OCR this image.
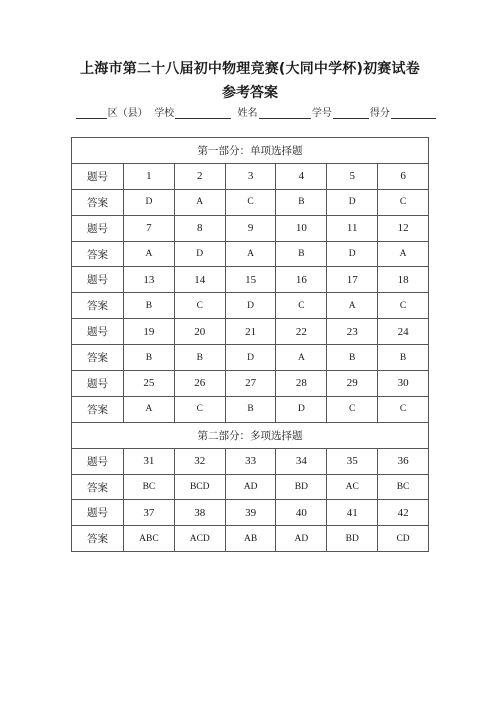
上海市第二十八届初中物理竞赛(大同中学杯)初赛试卷
参考答案
区（县） 学校	姓名	学号	得分
第一部分：单项选择题						
题号	1	2	3	4	5	6
答案	D	A	C	B	D	C
题号	7	8	9	10	11	12
答案	A	D	A	B	D	A
题号	13	14	15	16	17	18
答案	B	C	D	C	A	C
题号	19	20	21	22	23	24
答案	B	B	D	A	B	B
题号	25	26	27	28	29	30
答案	A	C	B	D	C	C
第二部分：多项选择题						
题号	31	32	33	34	35	36
答案	BC	BCD	AD	BD	AC	BC
题号	37	38	39	40	41	42
答案	ABC	ACD	AB	AD	BD	CD
